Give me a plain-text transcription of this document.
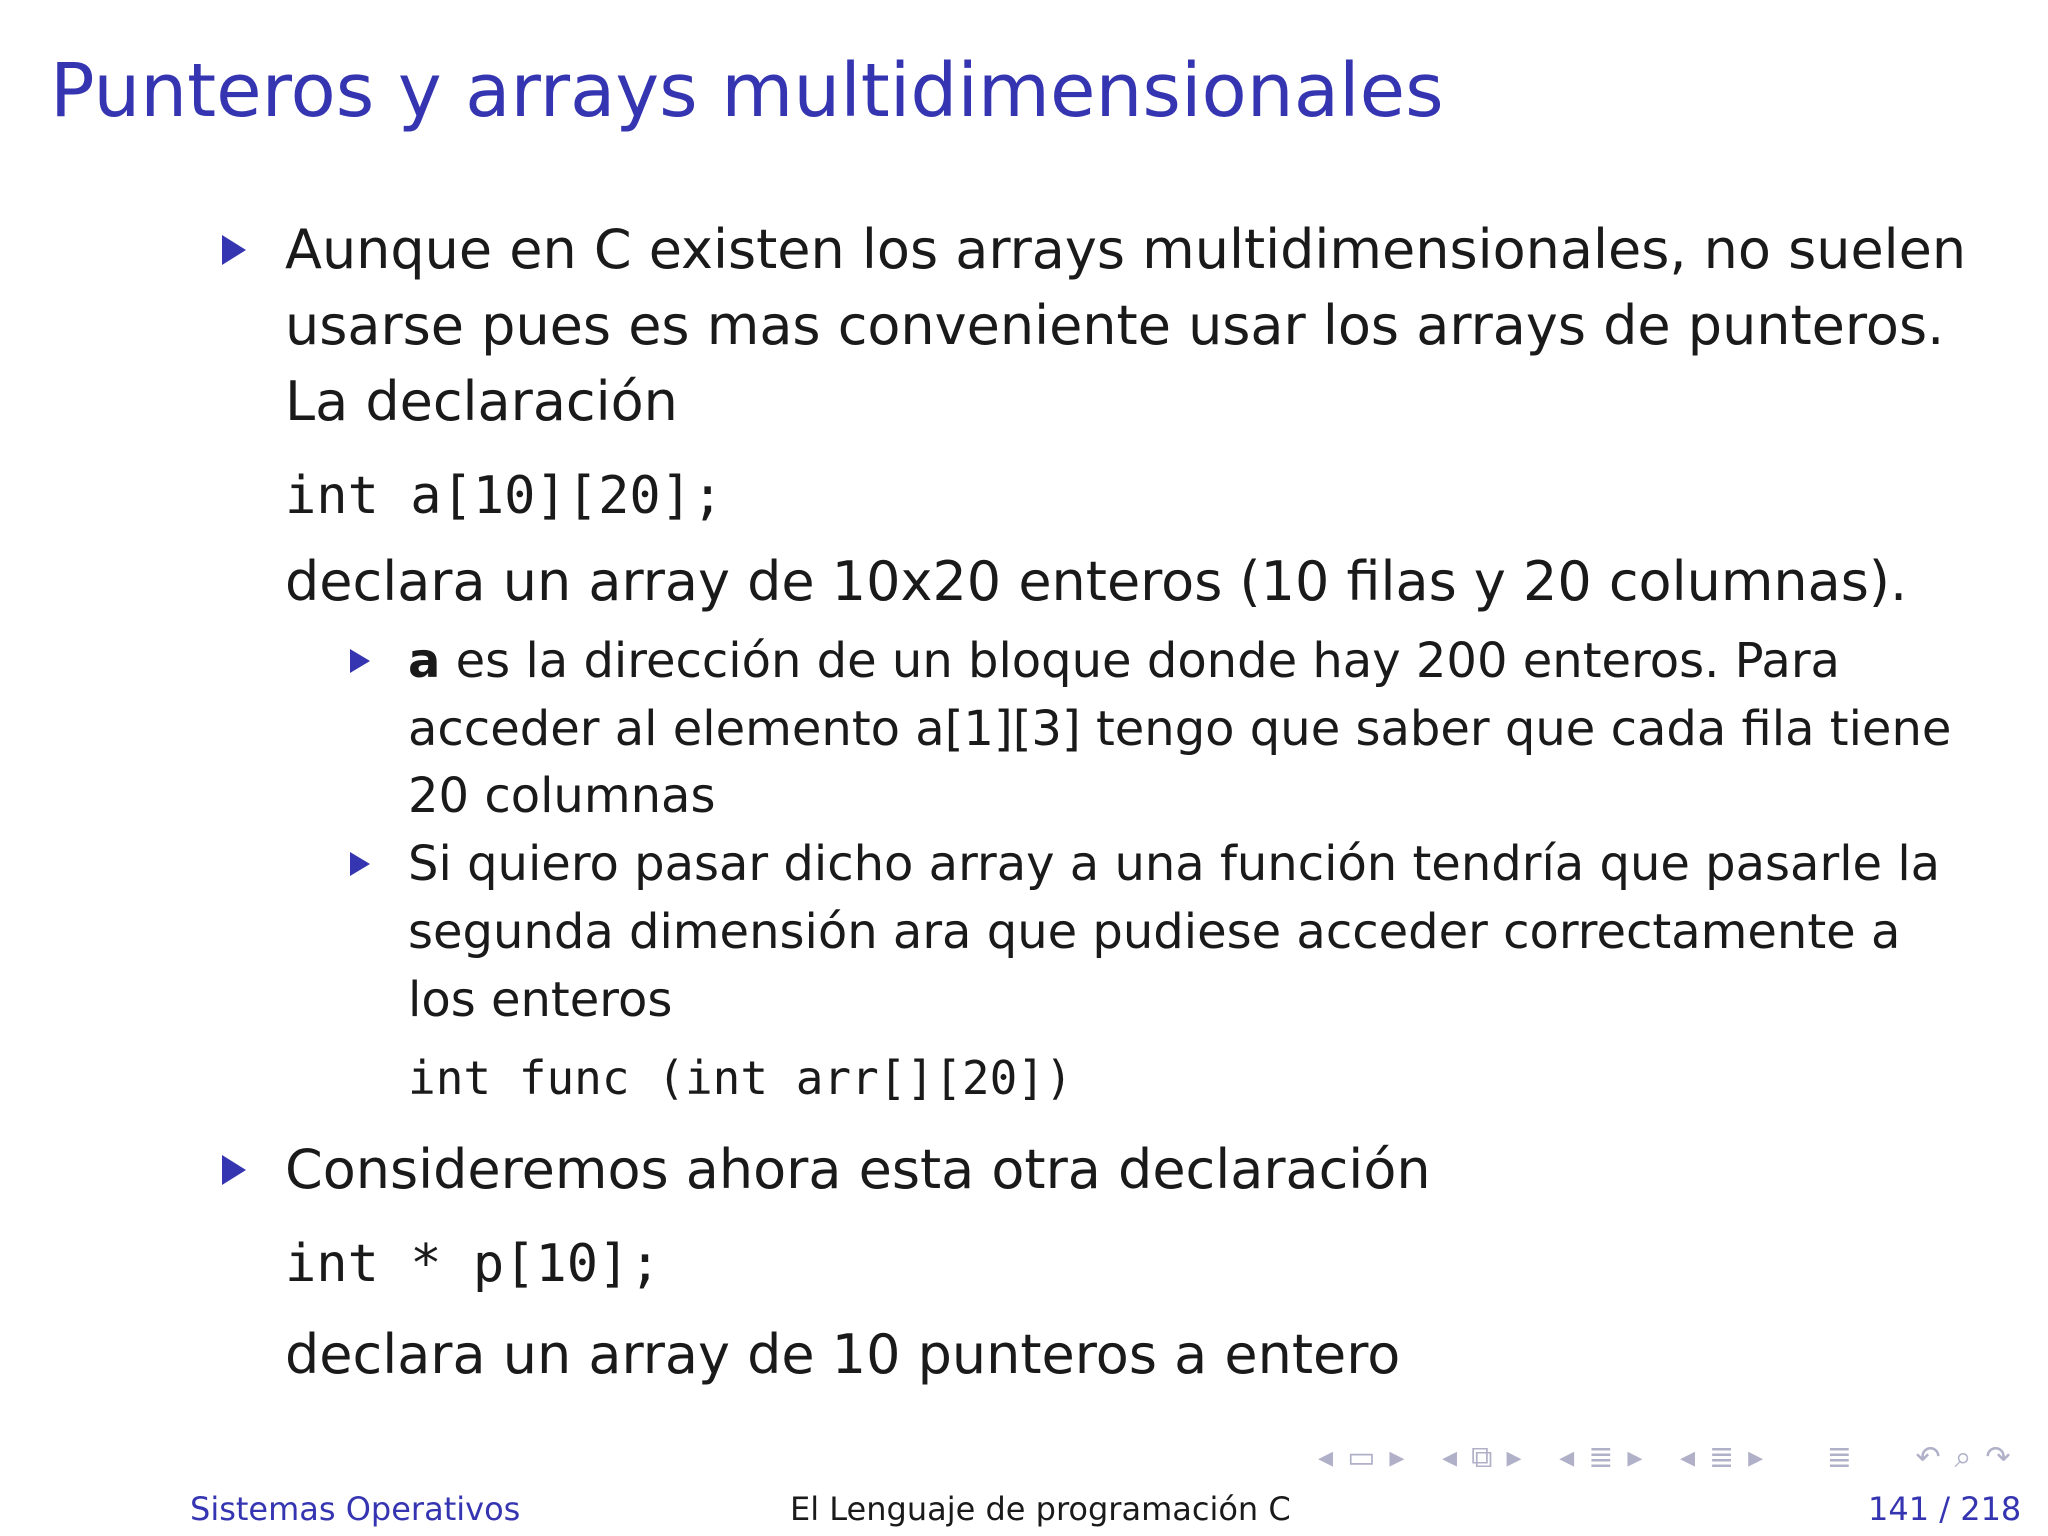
Punteros y arrays multidimensionales
Aunque en C existen los arrays multidimensionales, no suelen
usarse pues es mas conveniente usar los arrays de punteros.
La declaración
int a[10][20];
declara un array de 10x20 enteros (10 filas y 20 columnas).
a es la dirección de un bloque donde hay 200 enteros. Para
acceder al elemento a[1][3] tengo que saber que cada fila tiene
20 columnas
Si quiero pasar dicho array a una función tendría que pasarle la
segunda dimensión ara que pudiese acceder correctamente a
los enteros
int func (int arr[][20])
Consideremos ahora esta otra declaración
int * p[10];
declara un array de 10 punteros a entero
◂ ▭ ▸ ◂ ⧉ ▸ ◂ ≣ ▸ ◂ ≣ ▸ ≣ ↶ ⌕ ↷
Sistemas Operativos	El Lenguaje de programación C	141 / 218
